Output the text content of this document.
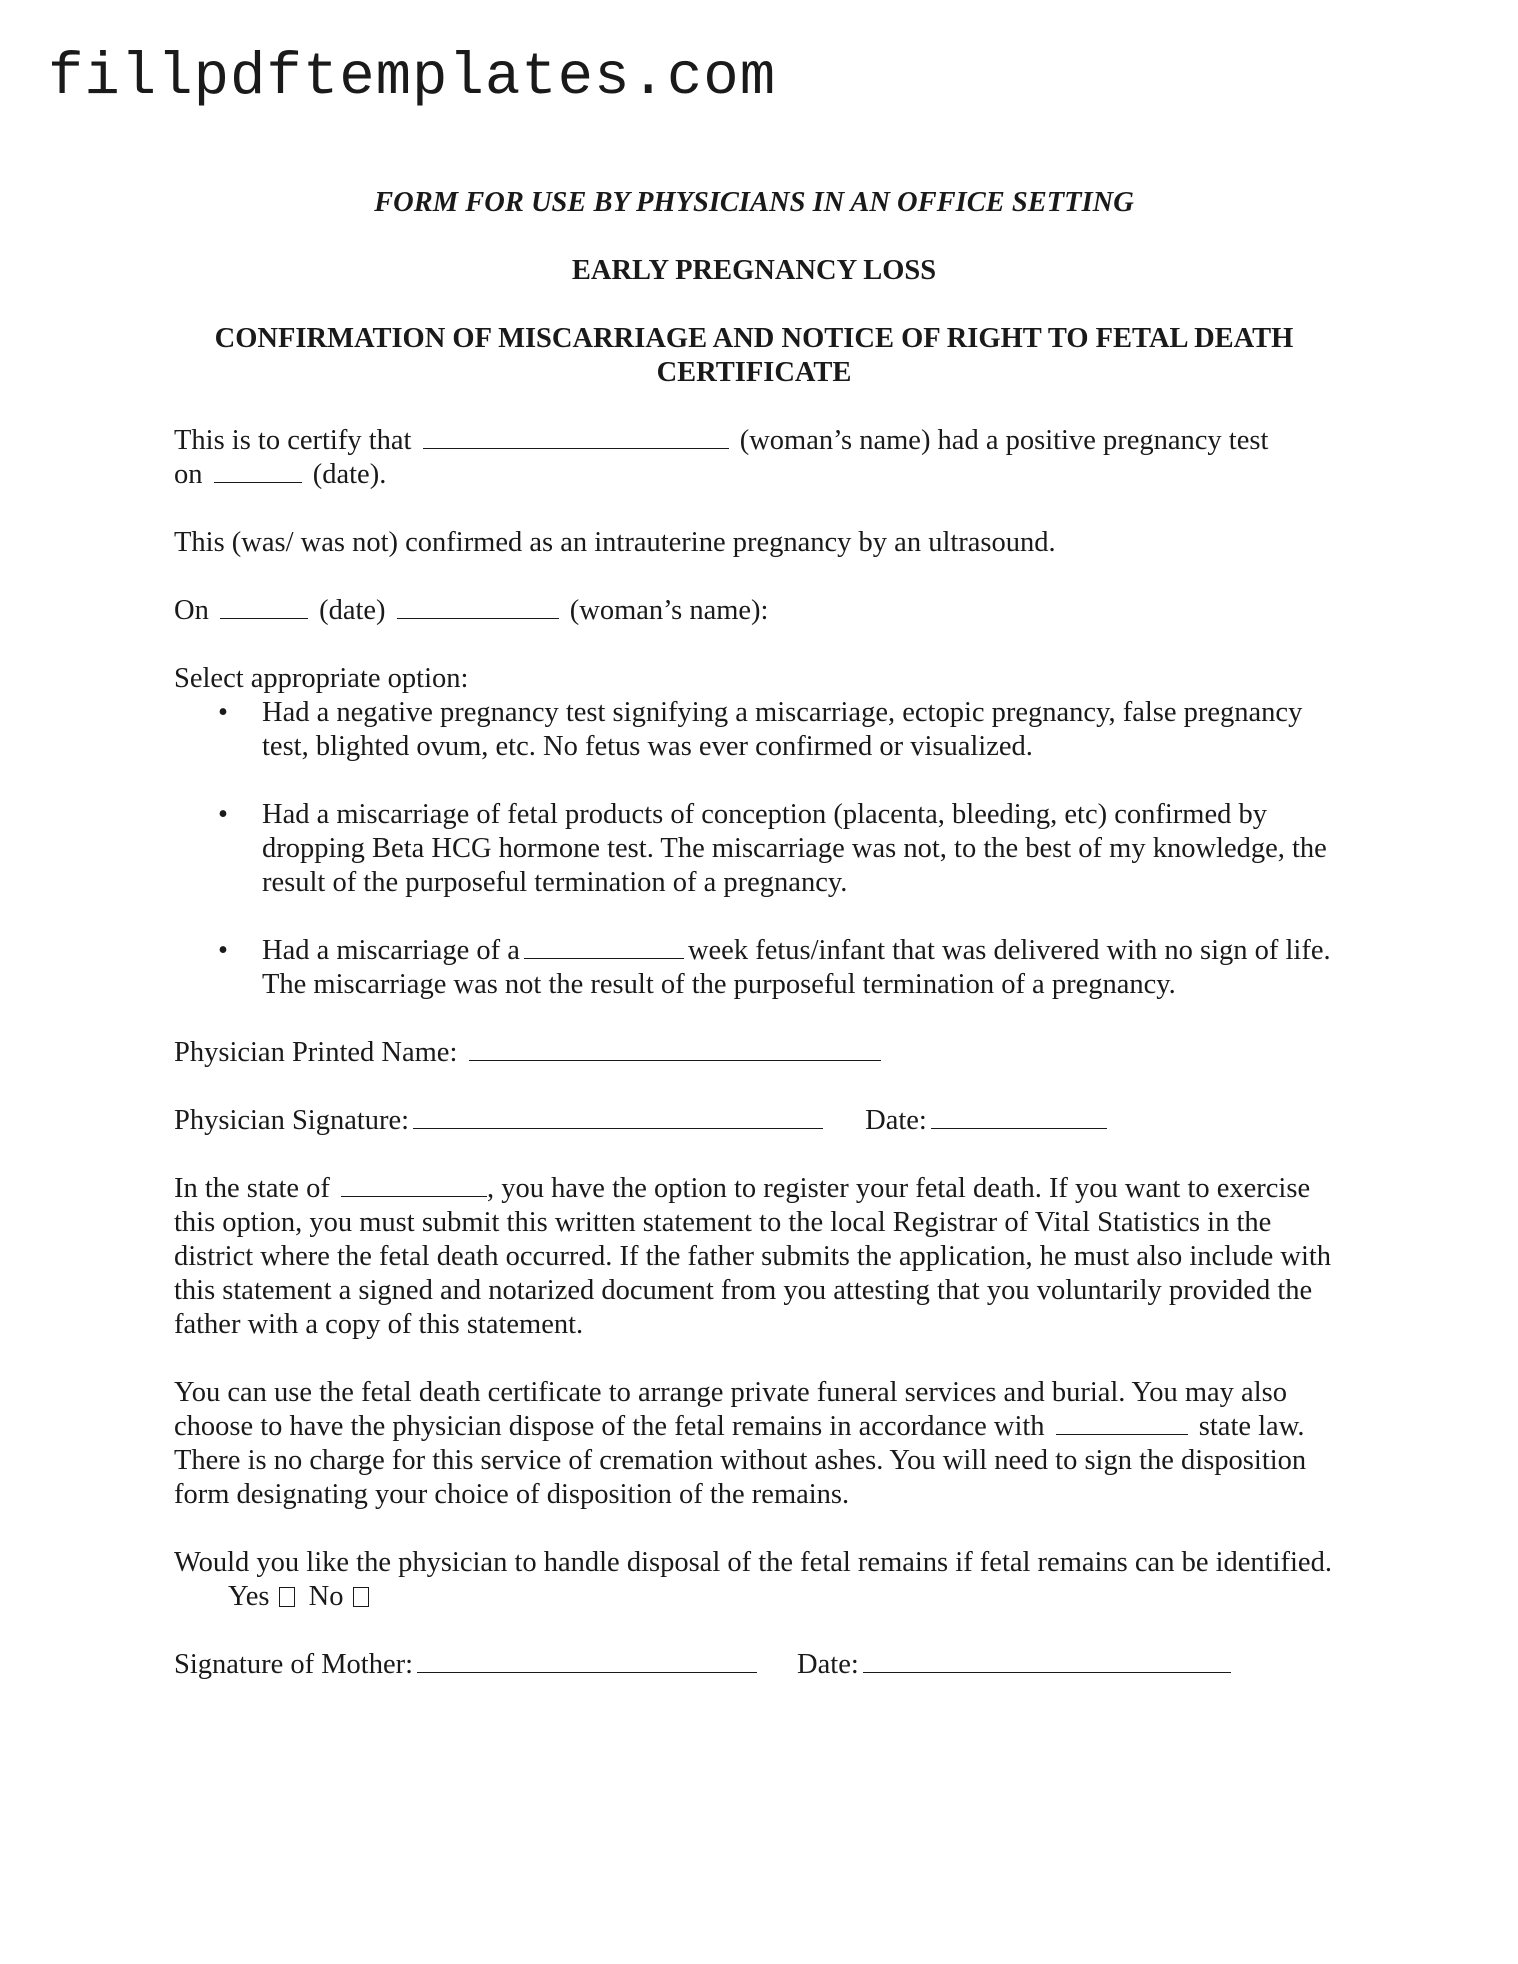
fillpdftemplates.com
FORM FOR USE BY PHYSICIANS IN AN OFFICE SETTING
EARLY PREGNANCY LOSS
CONFIRMATION OF MISCARRIAGE AND NOTICE OF RIGHT TO FETAL DEATH
CERTIFICATE

This is to certify that	(woman’s name) had a positive pregnancy test
on	(date).

This (was/ was not) confirmed as an intrauterine pregnancy by an ultrasound.

On	(date)	(woman’s name):

Select appropriate option:

• Had a negative pregnancy test signifying a miscarriage, ectopic pregnancy, false pregnancy test, blighted ovum, etc. No fetus was ever confirmed or visualized.
• Had a miscarriage of fetal products of conception (placenta, bleeding, etc) confirmed by dropping Beta HCG hormone test. The miscarriage was not, to the best of my knowledge, the result of the purposeful termination of a pregnancy.
• Had a miscarriage of a	week fetus/infant that was delivered with no sign of life. The miscarriage was not the result of the purposeful termination of a pregnancy.

Physician Printed Name:

Physician Signature:	Date:

In the state of	, you have the option to register your fetal death. If you want to exercise this option, you must submit this written statement to the local Registrar of Vital Statistics in the district where the fetal death occurred. If the father submits the application, he must also include with this statement a signed and notarized document from you attesting that you voluntarily provided the father with a copy of this statement.

You can use the fetal death certificate to arrange private funeral services and burial. You may also choose to have the physician dispose of the fetal remains in accordance with	state law. There is no charge for this service of cremation without ashes. You will need to sign the disposition form designating your choice of disposition of the remains.

Would you like the physician to handle disposal of the fetal remains if fetal remains can be identified. Yes No

Signature of Mother:	Date:
